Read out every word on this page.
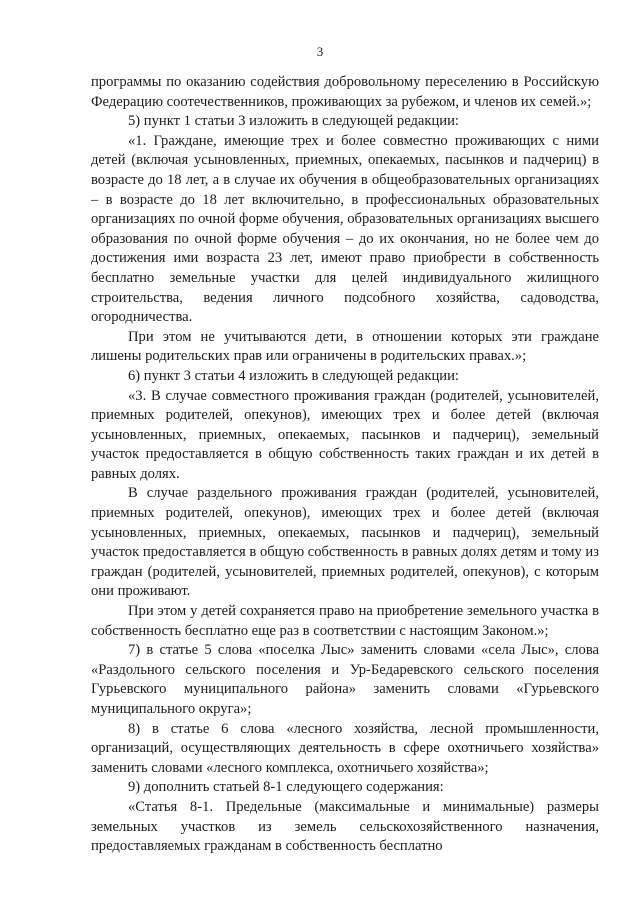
3

программы по оказанию содействия добровольному переселению в Российскую Федерацию соотечественников, проживающих за рубежом, и членов их семей.»;

5) пункт 1 статьи 3 изложить в следующей редакции:

«1. Граждане, имеющие трех и более совместно проживающих с ними детей (включая усыновленных, приемных, опекаемых, пасынков и падчериц) в возрасте до 18 лет, а в случае их обучения в общеобразовательных организациях – в возрасте до 18 лет включительно, в профессиональных образовательных организациях по очной форме обучения, образовательных организациях высшего образования по очной форме обучения – до их окончания, но не более чем до достижения ими возраста 23 лет, имеют право приобрести в собственность бесплатно земельные участки для целей индивидуального жилищного строительства, ведения личного подсобного хозяйства, садоводства, огородничества.

При этом не учитываются дети, в отношении которых эти граждане лишены родительских прав или ограничены в родительских правах.»;

6) пункт 3 статьи 4 изложить в следующей редакции:

«3. В случае совместного проживания граждан (родителей, усыновителей, приемных родителей, опекунов), имеющих трех и более детей (включая усыновленных, приемных, опекаемых, пасынков и падчериц), земельный участок предоставляется в общую собственность таких граждан и их детей в равных долях.

В случае раздельного проживания граждан (родителей, усыновителей, приемных родителей, опекунов), имеющих трех и более детей (включая усыновленных, приемных, опекаемых, пасынков и падчериц), земельный участок предоставляется в общую собственность в равных долях детям и тому из граждан (родителей, усыновителей, приемных родителей, опекунов), с которым они проживают.

При этом у детей сохраняется право на приобретение земельного участка в собственность бесплатно еще раз в соответствии с настоящим Законом.»;

7) в статье 5 слова «поселка Лыс» заменить словами «села Лыс», слова «Раздольного сельского поселения и Ур-Бедаревского сельского поселения Гурьевского муниципального района» заменить словами «Гурьевского муниципального округа»;

8) в статье 6 слова «лесного хозяйства, лесной промышленности, организаций, осуществляющих деятельность в сфере охотничьего хозяйства» заменить словами «лесного комплекса, охотничьего хозяйства»;

9) дополнить статьей 8-1 следующего содержания:

«Статья 8-1. Предельные (максимальные и минимальные) размеры земельных участков из земель сельскохозяйственного назначения, предоставляемых гражданам в собственность бесплатно
